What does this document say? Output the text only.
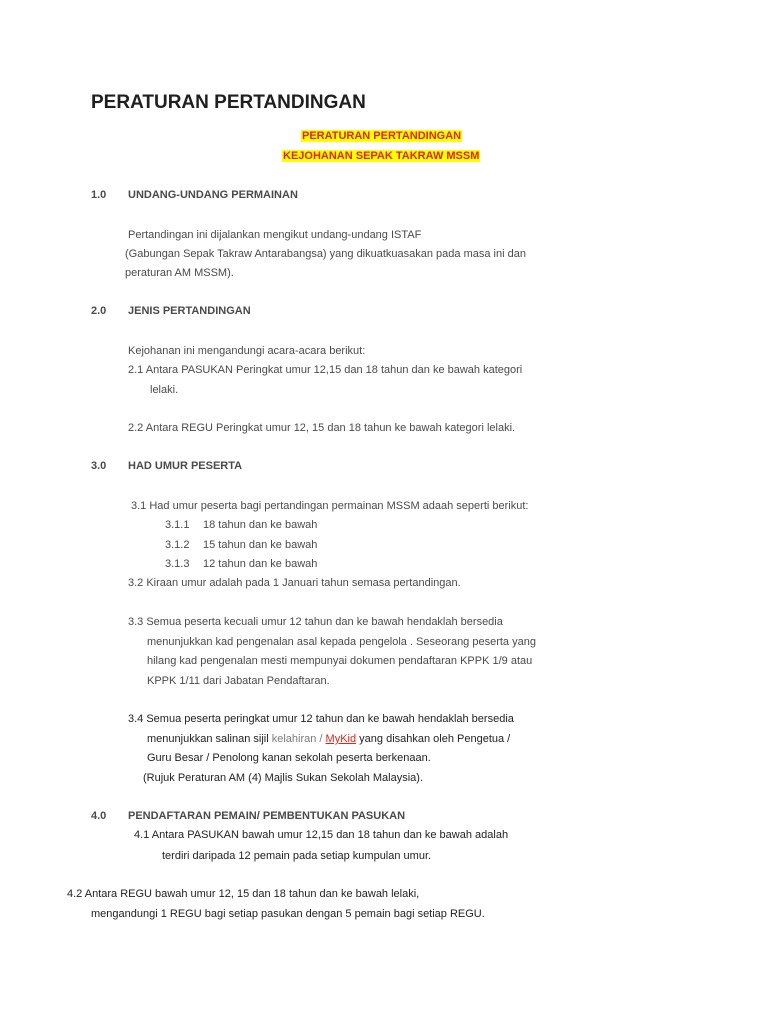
PERATURAN PERTANDINGAN
PERATURAN PERTANDINGAN
KEJOHANAN SEPAK TAKRAW MSSM
1.0 UNDANG-UNDANG PERMAINAN
Pertandingan ini dijalankan mengikut undang-undang ISTAF
(Gabungan Sepak Takraw Antarabangsa) yang dikuatkuasakan pada masa ini dan
peraturan AM MSSM).
2.0 JENIS PERTANDINGAN
Kejohanan ini mengandungi acara-acara berikut:
2.1 Antara PASUKAN Peringkat umur 12,15 dan 18 tahun dan ke bawah kategori
lelaki.
2.2 Antara REGU Peringkat umur 12, 15 dan 18 tahun ke bawah kategori lelaki.
3.0 HAD UMUR PESERTA
3.1 Had umur peserta bagi pertandingan permainan MSSM adaah seperti berikut:
3.1.1 18 tahun dan ke bawah
3.1.2 15 tahun dan ke bawah
3.1.3 12 tahun dan ke bawah
3.2 Kiraan umur adalah pada 1 Januari tahun semasa pertandingan.
3.3 Semua peserta kecuali umur 12 tahun dan ke bawah hendaklah bersedia
menunjukkan kad pengenalan asal kepada pengelola . Seseorang peserta yang
hilang kad pengenalan mesti mempunyai dokumen pendaftaran KPPK 1/9 atau
KPPK 1/11 dari Jabatan Pendaftaran.
3.4 Semua peserta peringkat umur 12 tahun dan ke bawah hendaklah bersedia
menunjukkan salinan sijil kelahiran / MyKid yang disahkan oleh Pengetua /
Guru Besar / Penolong kanan sekolah peserta berkenaan.
(Rujuk Peraturan AM (4) Majlis Sukan Sekolah Malaysia).
4.0 PENDAFTARAN PEMAIN/ PEMBENTUKAN PASUKAN
4.1 Antara PASUKAN bawah umur 12,15 dan 18 tahun dan ke bawah adalah
terdiri daripada 12 pemain pada setiap kumpulan umur.
4.2 Antara REGU bawah umur 12, 15 dan 18 tahun dan ke bawah lelaki,
mengandungi 1 REGU bagi setiap pasukan dengan 5 pemain bagi setiap REGU.
